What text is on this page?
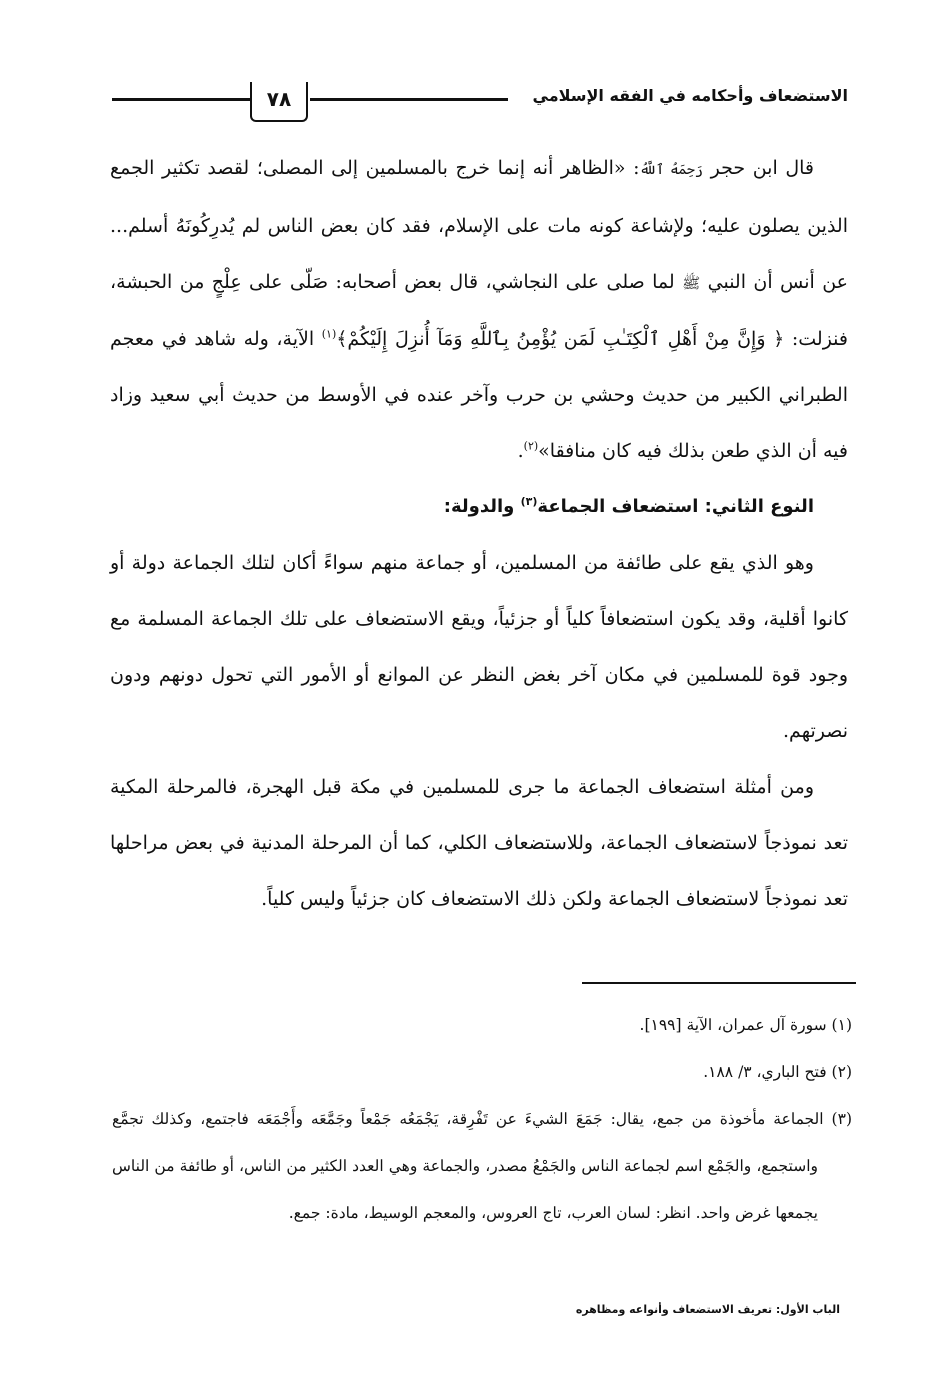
الاستضعاف وأحكامه في الفقه الإسلامي
٧٨

قال ابن حجر رَحِمَهُ ٱللَّهُ: «الظاهر أنه إنما خرج بالمسلمين إلى المصلى؛ لقصد تكثير الجمع الذين يصلون عليه؛ ولإشاعة كونه مات على الإسلام، فقد كان بعض الناس لم يُدرِكُونَهُ أسلم... عن أنس أن النبي ﷺ لما صلى على النجاشي، قال بعض أصحابه: صَلّى على عِلْجٍ من الحبشة، فنزلت: ﴿ وَإِنَّ مِنْ أَهْلِ ٱلْكِتَـٰبِ لَمَن يُؤْمِنُ بِٱللَّهِ وَمَآ أُنزِلَ إِلَيْكُمْ﴾$^{(١)}$ الآية، وله شاهد في معجم الطبراني الكبير من حديث وحشي بن حرب وآخر عنده في الأوسط من حديث أبي سعيد وزاد فيه أن الذي طعن بذلك فيه كان منافقا»$^{(٢)}$.

النوع الثاني: استضعاف الجماعة$^{(٣)}$ والدولة:

وهو الذي يقع على طائفة من المسلمين، أو جماعة منهم سواءً أكان لتلك الجماعة دولة أو كانوا أقلية، وقد يكون استضعافاً كلياً أو جزئياً، ويقع الاستضعاف على تلك الجماعة المسلمة مع وجود قوة للمسلمين في مكان آخر بغض النظر عن الموانع أو الأمور التي تحول دونهم ودون نصرتهم.

ومن أمثلة استضعاف الجماعة ما جرى للمسلمين في مكة قبل الهجرة، فالمرحلة المكية تعد نموذجاً لاستضعاف الجماعة، وللاستضعاف الكلي، كما أن المرحلة المدنية في بعض مراحلها تعد نموذجاً لاستضعاف الجماعة ولكن ذلك الاستضعاف كان جزئياً وليس كلياً.

(١) سورة آل عمران، الآية [١٩٩].

(٢) فتح الباري، ٣/ ١٨٨.

(٣) الجماعة مأخوذة من جمع، يقال: جَمَعَ الشيءَ عن تَفْرِقة، يَجْمَعُه جَمْعاً وجَمَّعَه وأَجْمَعَه فاجتمع، وكذلك تجمَّع واستجمع، والجَمْع اسم لجماعة الناس والجَمْعُ مصدر، والجماعة وهي العدد الكثير من الناس، أو طائفة من الناس يجمعها غرض واحد. انظر: لسان العرب، تاج العروس، والمعجم الوسيط، مادة: جمع.

الباب الأول: تعريف الاستضعاف وأنواعه ومظاهره
